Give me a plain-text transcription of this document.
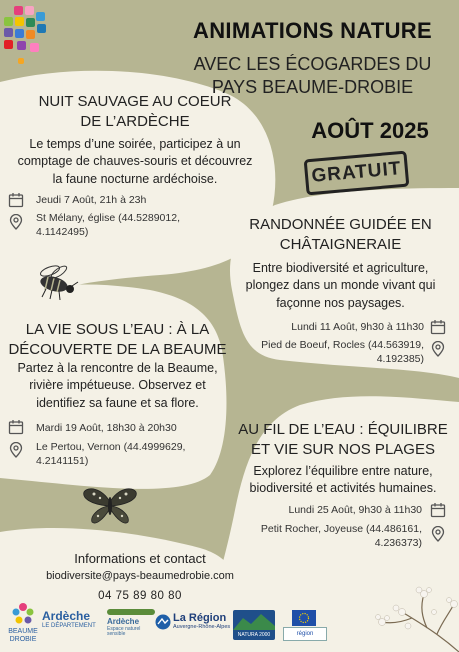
ANIMATIONS NATURE
AVEC LES ÉCOGARDES DU
PAYS BEAUME-DROBIE
AOÛT 2025
GRATUIT
NUIT SAUVAGE AU COEUR
DE L’ARDÈCHE
Le temps d’une soirée, participez à un
comptage de chauves-souris et découvrez
la faune nocturne ardéchoise.
Jeudi 7 Août, 21h à 23h
St Mélany, église (44.5289012,
4.1142495)	RANDONNÉE GUIDÉE EN
CHÂTAIGNERAIE
Entre biodiversité et agriculture,
plongez dans un monde vivant qui
façonne nos paysages.
Lundi 11 Août, 9h30 à 11h30
Pied de Boeuf, Rocles (44.563919,
4.192385)
LA VIE SOUS L’EAU : À LA
DÉCOUVERTE DE LA BEAUME
Partez à la rencontre de la Beaume,
rivière impétueuse. Observez et
identifiez sa faune et sa flore.
Mardi 19 Août, 18h30 à 20h30
Le Pertou, Vernon (44.4999629,
4.2141151)
AU FIL DE L’EAU : ÉQUILIBRE
ET VIE SUR NOS PLAGES
Explorez l’équilibre entre nature,
biodiversité et activités humaines.
Lundi 25 Août, 9h30 à 11h30
Petit Rocher, Joyeuse (44.486161,
4.236373)
Informations et contact
biodiversite@pays-beaumedrobie.com
04 75 89 80 80
BEAUME
DROBIE
Ardèche
LE DÉPARTEMENT
Ardèche
Espace naturel sensible
La Région
Auvergne-Rhône-Alpes
NATURA 2000	région
